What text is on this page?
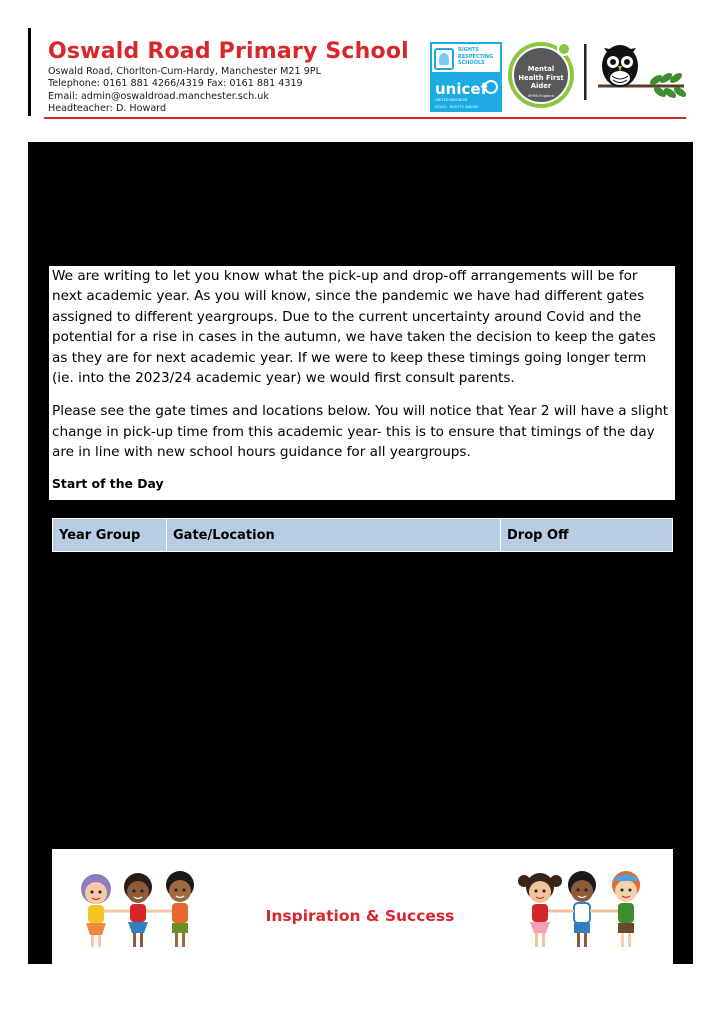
Oswald Road Primary School
Oswald Road, Chorlton-Cum-Hardy, Manchester M21 9PL
Telephone: 0161 881 4266/4319 Fax: 0161 881 4319
Email: admin@oswaldroad.manchester.sch.uk
Headteacher: D. Howard
RIGHTS
RESPECTING
SCHOOLS
unicef
UNITED KINGDOM
GOLD · RIGHTS AWARE
Mental Health First Aider
MHFA England

We are writing to let you know what the pick-up and drop-off arrangements will be for next academic year. As you will know, since the pandemic we have had different gates assigned to different yeargroups. Due to the current uncertainty around Covid and the potential for a rise in cases in the autumn, we have taken the decision to keep the gates as they are for next academic year. If we were to keep these timings going longer term (ie. into the 2023/24 academic year) we would first consult parents.

Please see the gate times and locations below. You will notice that Year 2 will have a slight change in pick-up time from this academic year- this is to ensure that timings of the day are in line with new school hours guidance for all yeargroups.

Start of the Day
Year Group	Gate/Location	Drop Off
Inspiration & Success
